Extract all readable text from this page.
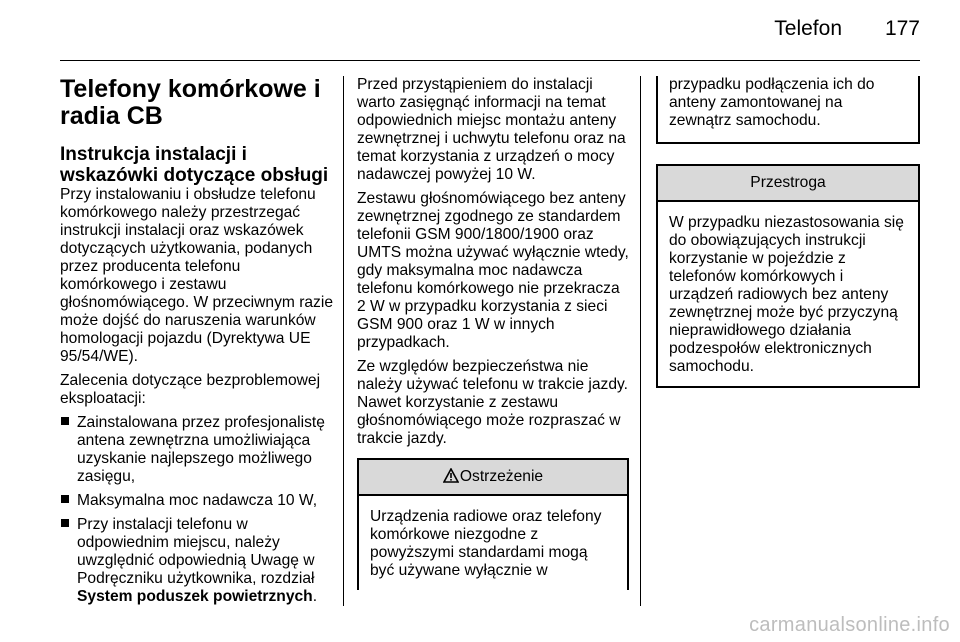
Telefon 177
Telefony komórkowe i radia CB
Instrukcja instalacji i wskazówki dotyczące obsługi

Przy instalowaniu i obsłudze telefonu komórkowego należy przestrzegać instrukcji instalacji oraz wskazówek dotyczących użytkowania, podanych przez producenta telefonu komórkowego i zestawu głośnomówiącego. W przeciwnym razie może dojść do naruszenia warunków homologacji pojazdu (Dyrektywa UE 95/54/WE).

Zalecenia dotyczące bezproblemowej eksploatacji:

Zainstalowana przez profesjonalistę antena zewnętrzna umożliwiająca uzyskanie najlepszego możliwego zasięgu,
Maksymalna moc nadawcza 10 W,
Przy instalacji telefonu w odpowiednim miejscu, należy uwzględnić odpowiednią Uwagę w Podręczniku użytkownika, rozdział System poduszek powietrznych.

Przed przystąpieniem do instalacji warto zasięgnąć informacji na temat odpowiednich miejsc montażu anteny zewnętrznej i uchwytu telefonu oraz na temat korzystania z urządzeń o mocy nadawczej powyżej 10 W.

Zestawu głośnomówiącego bez anteny zewnętrznej zgodnego ze standardem telefonii GSM 900/1800/1900 oraz UMTS można używać wyłącznie wtedy, gdy maksymalna moc nadawcza telefonu komórkowego nie przekracza 2 W w przypadku korzystania z sieci GSM 900 oraz 1 W w innych przypadkach.

Ze względów bezpieczeństwa nie należy używać telefonu w trakcie jazdy. Nawet korzystanie z zestawu głośnomówiącego może rozpraszać w trakcie jazdy.

Ostrzeżenie
Urządzenia radiowe oraz telefony komórkowe niezgodne z powyższymi standardami mogą być używane wyłącznie w
przypadku podłączenia ich do anteny zamontowanej na zewnątrz samochodu.
Przestroga
W przypadku niezastosowania się do obowiązujących instrukcji korzystanie w pojeździe z telefonów komórkowych i urządzeń radiowych bez anteny zewnętrznej może być przyczyną nieprawidłowego działania podzespołów elektronicznych samochodu.
carmanualsonline.info
